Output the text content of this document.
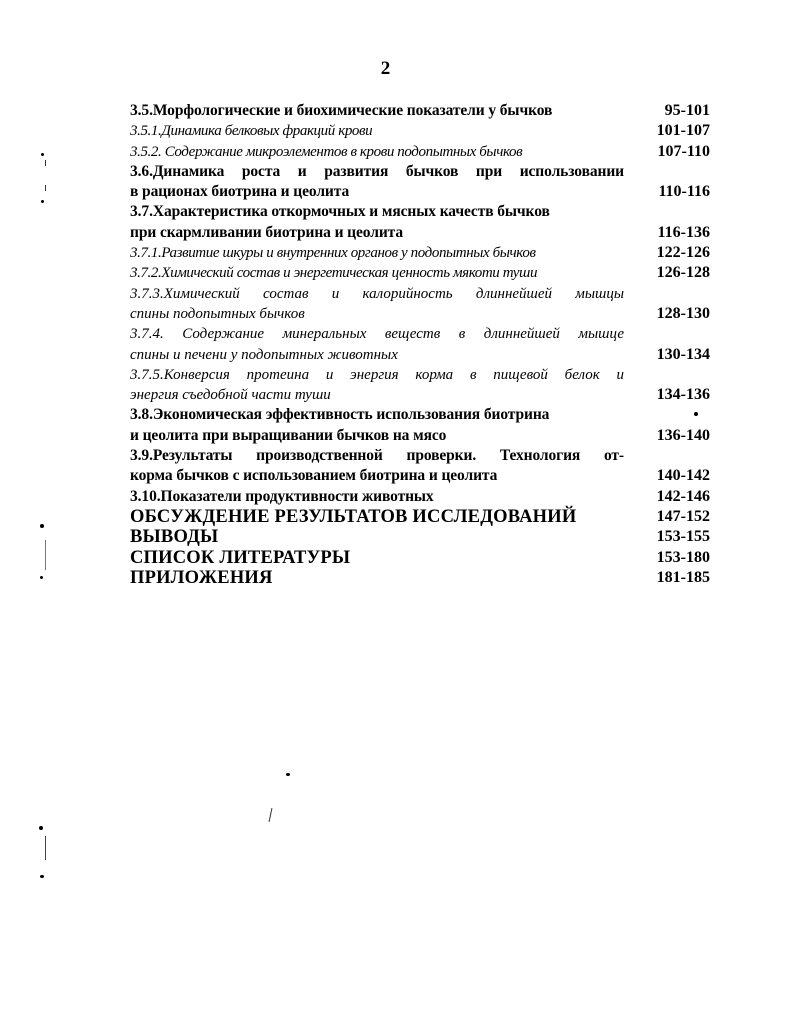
2
3.5.Морфологические и биохимические показатели у бычков	95-101
3.5.1.Динамика белковых фракций крови	101-107
3.5.2. Содержание микроэлементов в крови подопытных бычков	107-110
3.6.Динамика роста и развития бычков при использовании
в рационах биотрина и цеолита	110-116
3.7.Характеристика откормочных и мясных качеств бычков
при скармливании биотрина и цеолита	116-136
3.7.1.Развитие шкуры и внутренних органов у подопытных бычков	122-126
3.7.2.Химический состав и энергетическая ценность мякоти туши	126-128
3.7.3.Химический состав и калорийность длиннейшей мышцы
спины подопытных бычков	128-130
3.7.4. Содержание минеральных веществ в длиннейшей мышце
спины и печени у подопытных животных	130-134
3.7.5.Конверсия протеина и энергия корма в пищевой белок и
энергия съедобной части туши	134-136
3.8.Экономическая эффективность использования биотрина
и цеолита при выращивании бычков на мясо	136-140
3.9.Результаты производственной проверки. Технология от-
корма бычков с использованием биотрина и цеолита	140-142
3.10.Показатели продуктивности животных	142-146
ОБСУЖДЕНИЕ РЕЗУЛЬТАТОВ ИССЛЕДОВАНИЙ	147-152
ВЫВОДЫ	153-155
СПИСОК ЛИТЕРАТУРЫ	153-180
ПРИЛОЖЕНИЯ	181-185
